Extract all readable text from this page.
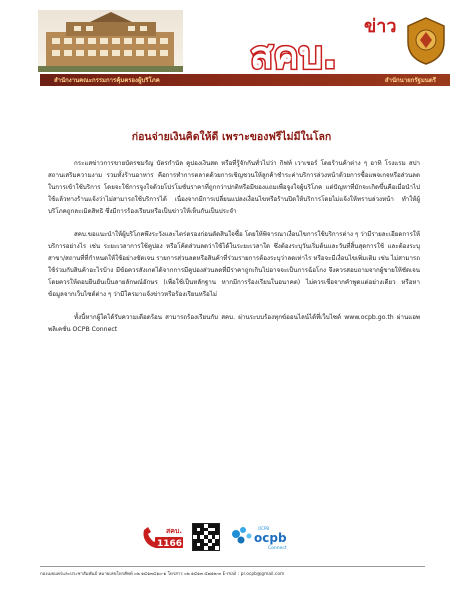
ข่าว
สคบ.
สำนักงานคณะกรรมการคุ้มครองผู้บริโภค	สำนักนายกรัฐมนตรี
ก่อนจ่ายเงินคิดให้ดี เพราะของฟรีไม่มีในโลก

กระแสข่าวการขายบัตรชมรัญ บัตรกำนัล คูปองเงินสด หรือที่รู้จักกันทั่วไปว่า กิฟท์ เวาเชอร์ โดยร้านค้าต่าง ๆ อาทิ โรงแรม สปา สถานเสริมความงาม รวมทั้งร้านอาหาร คือการทำการตลาดด้วยการเชิญชวนให้ลูกค้าชำระค่าบริการล่วงหน้าด้วยการซื้อแพจเกจหรือส่วนลดในการเข้าใช้บริการ โดยจะใช้การจูงใจด้วยโปรโมชั่นราคาที่ถูกกว่าปกติหรือมีของแถมเพื่อจูงใจผู้บริโภค แต่ปัญหาที่มักจะเกิดขึ้นคือเมื่อนำไปใช้แล้วทางร้านแจ้งว่าไม่สามารถใช้บริการได้ เนื่องจากมีการเปลี่ยนแปลงเงื่อนไขหรือร้านปิดให้บริการโดยไม่แจ้งให้ทราบล่วงหน้า ทำให้ผู้บริโภคถูกละเมิดสิทธิ ซึ่งมีการร้องเรียนหรือเป็นข่าวให้เห็นกันเป็นประจำ

สคบ.ขอแนะนำให้ผู้บริโภคพึงระวังและไตร่ตรองก่อนตัดสินใจซื้อ โดยให้พิจารณาเงื่อนไขการใช้บริการต่าง ๆ ว่ามีรายละเอียดการให้บริการอย่างไร เช่น ระยะเวลาการใช้คูปอง หรือโค้ดส่วนลดว่าใช้ได้ในระยะเวลาใด ซึ่งต้องระบุวันเริ่มต้นและวันที่สิ้นสุดการใช้ และต้องระบุสาขา/สถานที่ที่กำหนดให้ใช้อย่างชัดเจน รายการส่วนลดหรือสินค้าที่ร่วมรายการต้องระบุว่าลดเท่าไร หรือจะมีเงื่อนไขเพิ่มเติม เช่น ไม่สามารถใช้ร่วมกับสินค้าอะไรบ้าง มีข้อควรสังเกตได้จากการมีคูปองส่วนลดที่มีราคาถูกเกินไปอาจจะเป็นการฉ้อโกง จึงควรสอบถามจากผู้ขายให้ชัดเจน โดยควรให้ตอบยืนยันเป็นลายลักษณ์อักษร (เพื่อใช้เป็นหลักฐาน หากมีการร้องเรียนในอนาคต) ไม่ควรเชื่อจากคำพูดแต่อย่างเดียว หรือหาข้อมูลจากเว็บไซต์ต่าง ๆ ว่ามีใครมาแจ้งข่าวหรือร้องเรียนหรือไม่

ทั้งนี้หากผู้ใดได้รับความเดือดร้อน สามารถร้องเรียนกับ สคบ. ผ่านระบบร้องทุกข์ออนไลน์ได้ที่เว็บไซต์ www.ocpb.go.th ผ่านแอพพลิเคชั่น OCPB Connect

สคบ.
1166
OCPB
ocpb
Connect
กองเผยแพร่และประชาสัมพันธ์ หมายเลขโทรศัพท์ ๐๒ ๑๔๑๓๔๑๐-๑ โทรสาร ๐๒ ๑๔๑๓ ๔๗๑๒-๓ E-mail : pr.ocpb@gmail.com
